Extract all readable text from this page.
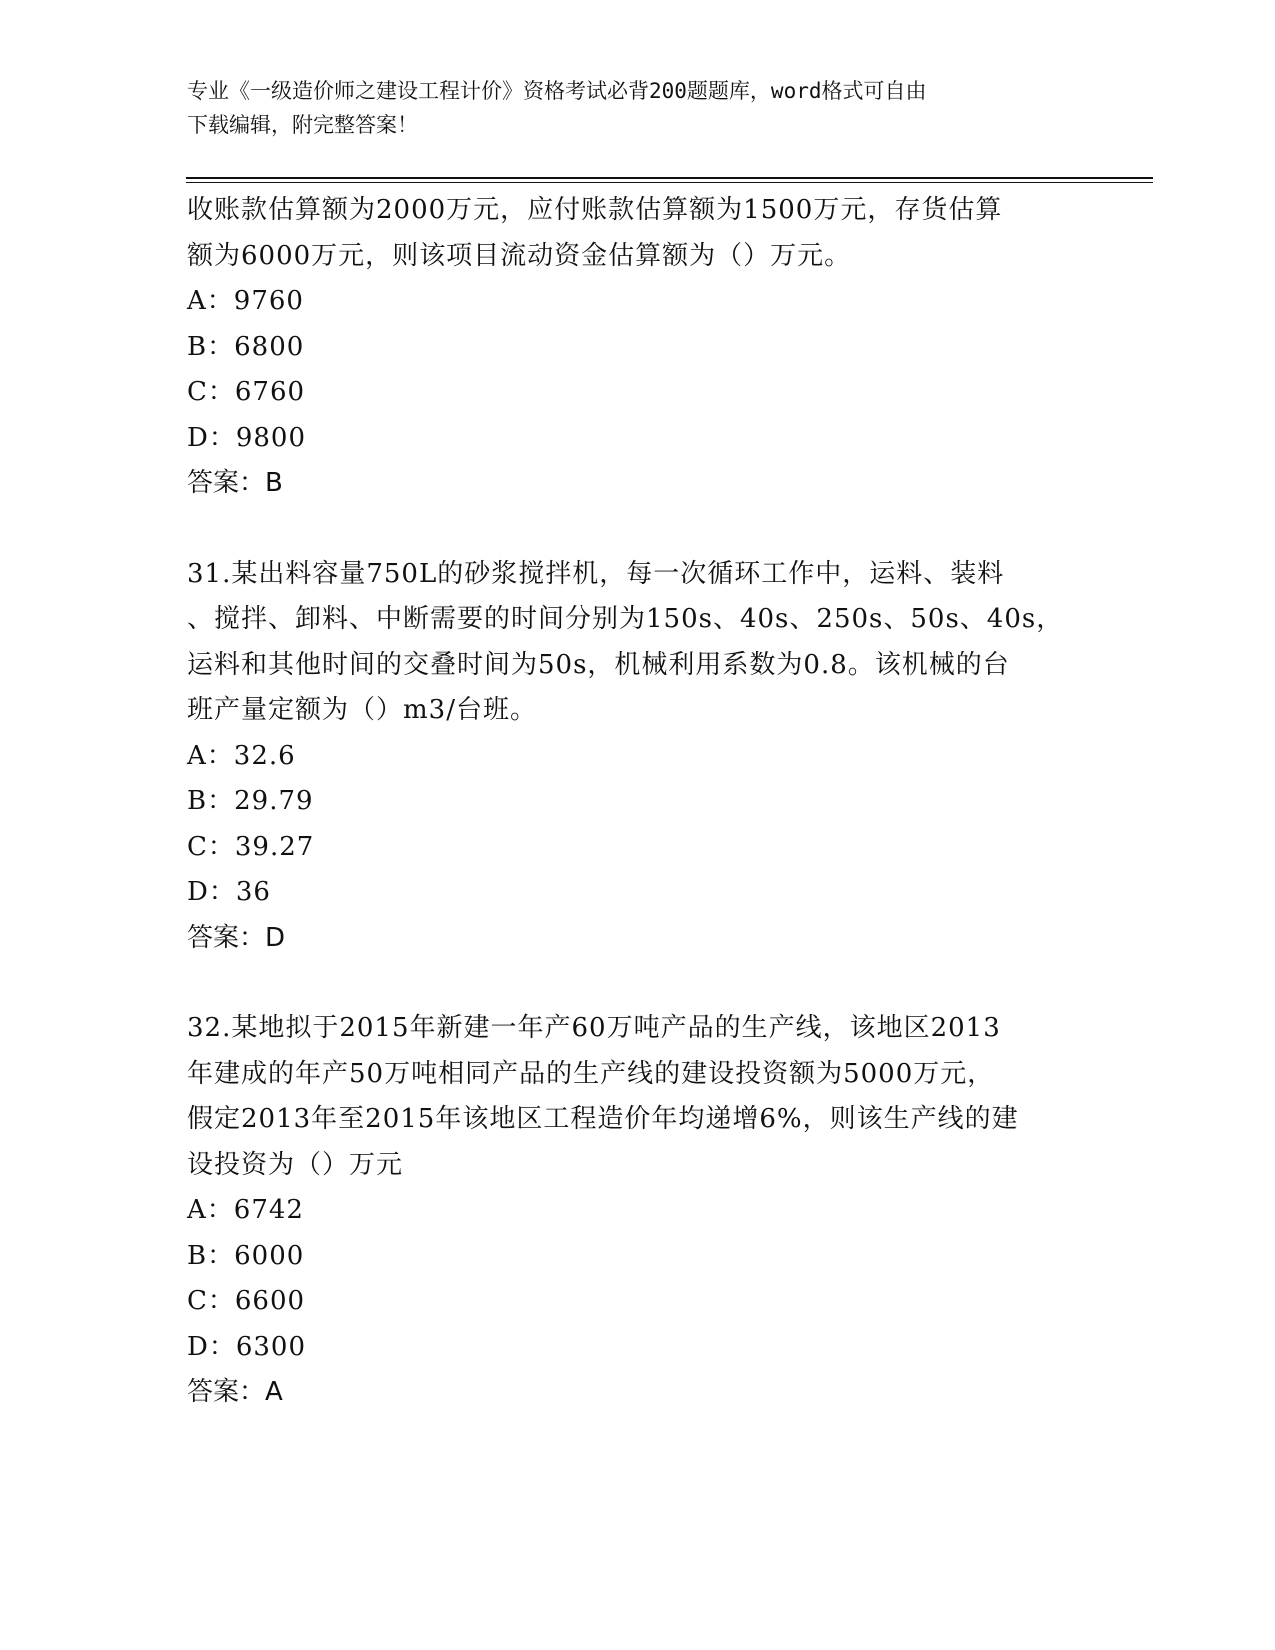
专业《一级造价师之建设工程计价》资格考试必背200题题库，word格式可自由
下载编辑，附完整答案！

收账款估算额为2000万元，应付账款估算额为1500万元，存货估算
额为6000万元，则该项目流动资金估算额为（）万元。

A：9760

B：6800

C：6760

D：9800

答案：B

31.某出料容量750L的砂浆搅拌机，每一次循环工作中，运料、装料
、搅拌、卸料、中断需要的时间分别为150s、40s、250s、50s、40s，
运料和其他时间的交叠时间为50s，机械利用系数为0.8。该机械的台
班产量定额为（）m3/台班。

A：32.6

B：29.79

C：39.27

D：36

答案：D

32.某地拟于2015年新建一年产60万吨产品的生产线，该地区2013
年建成的年产50万吨相同产品的生产线的建设投资额为5000万元，
假定2013年至2015年该地区工程造价年均递增6%，则该生产线的建
设投资为（）万元

A：6742

B：6000

C：6600

D：6300

答案：A
